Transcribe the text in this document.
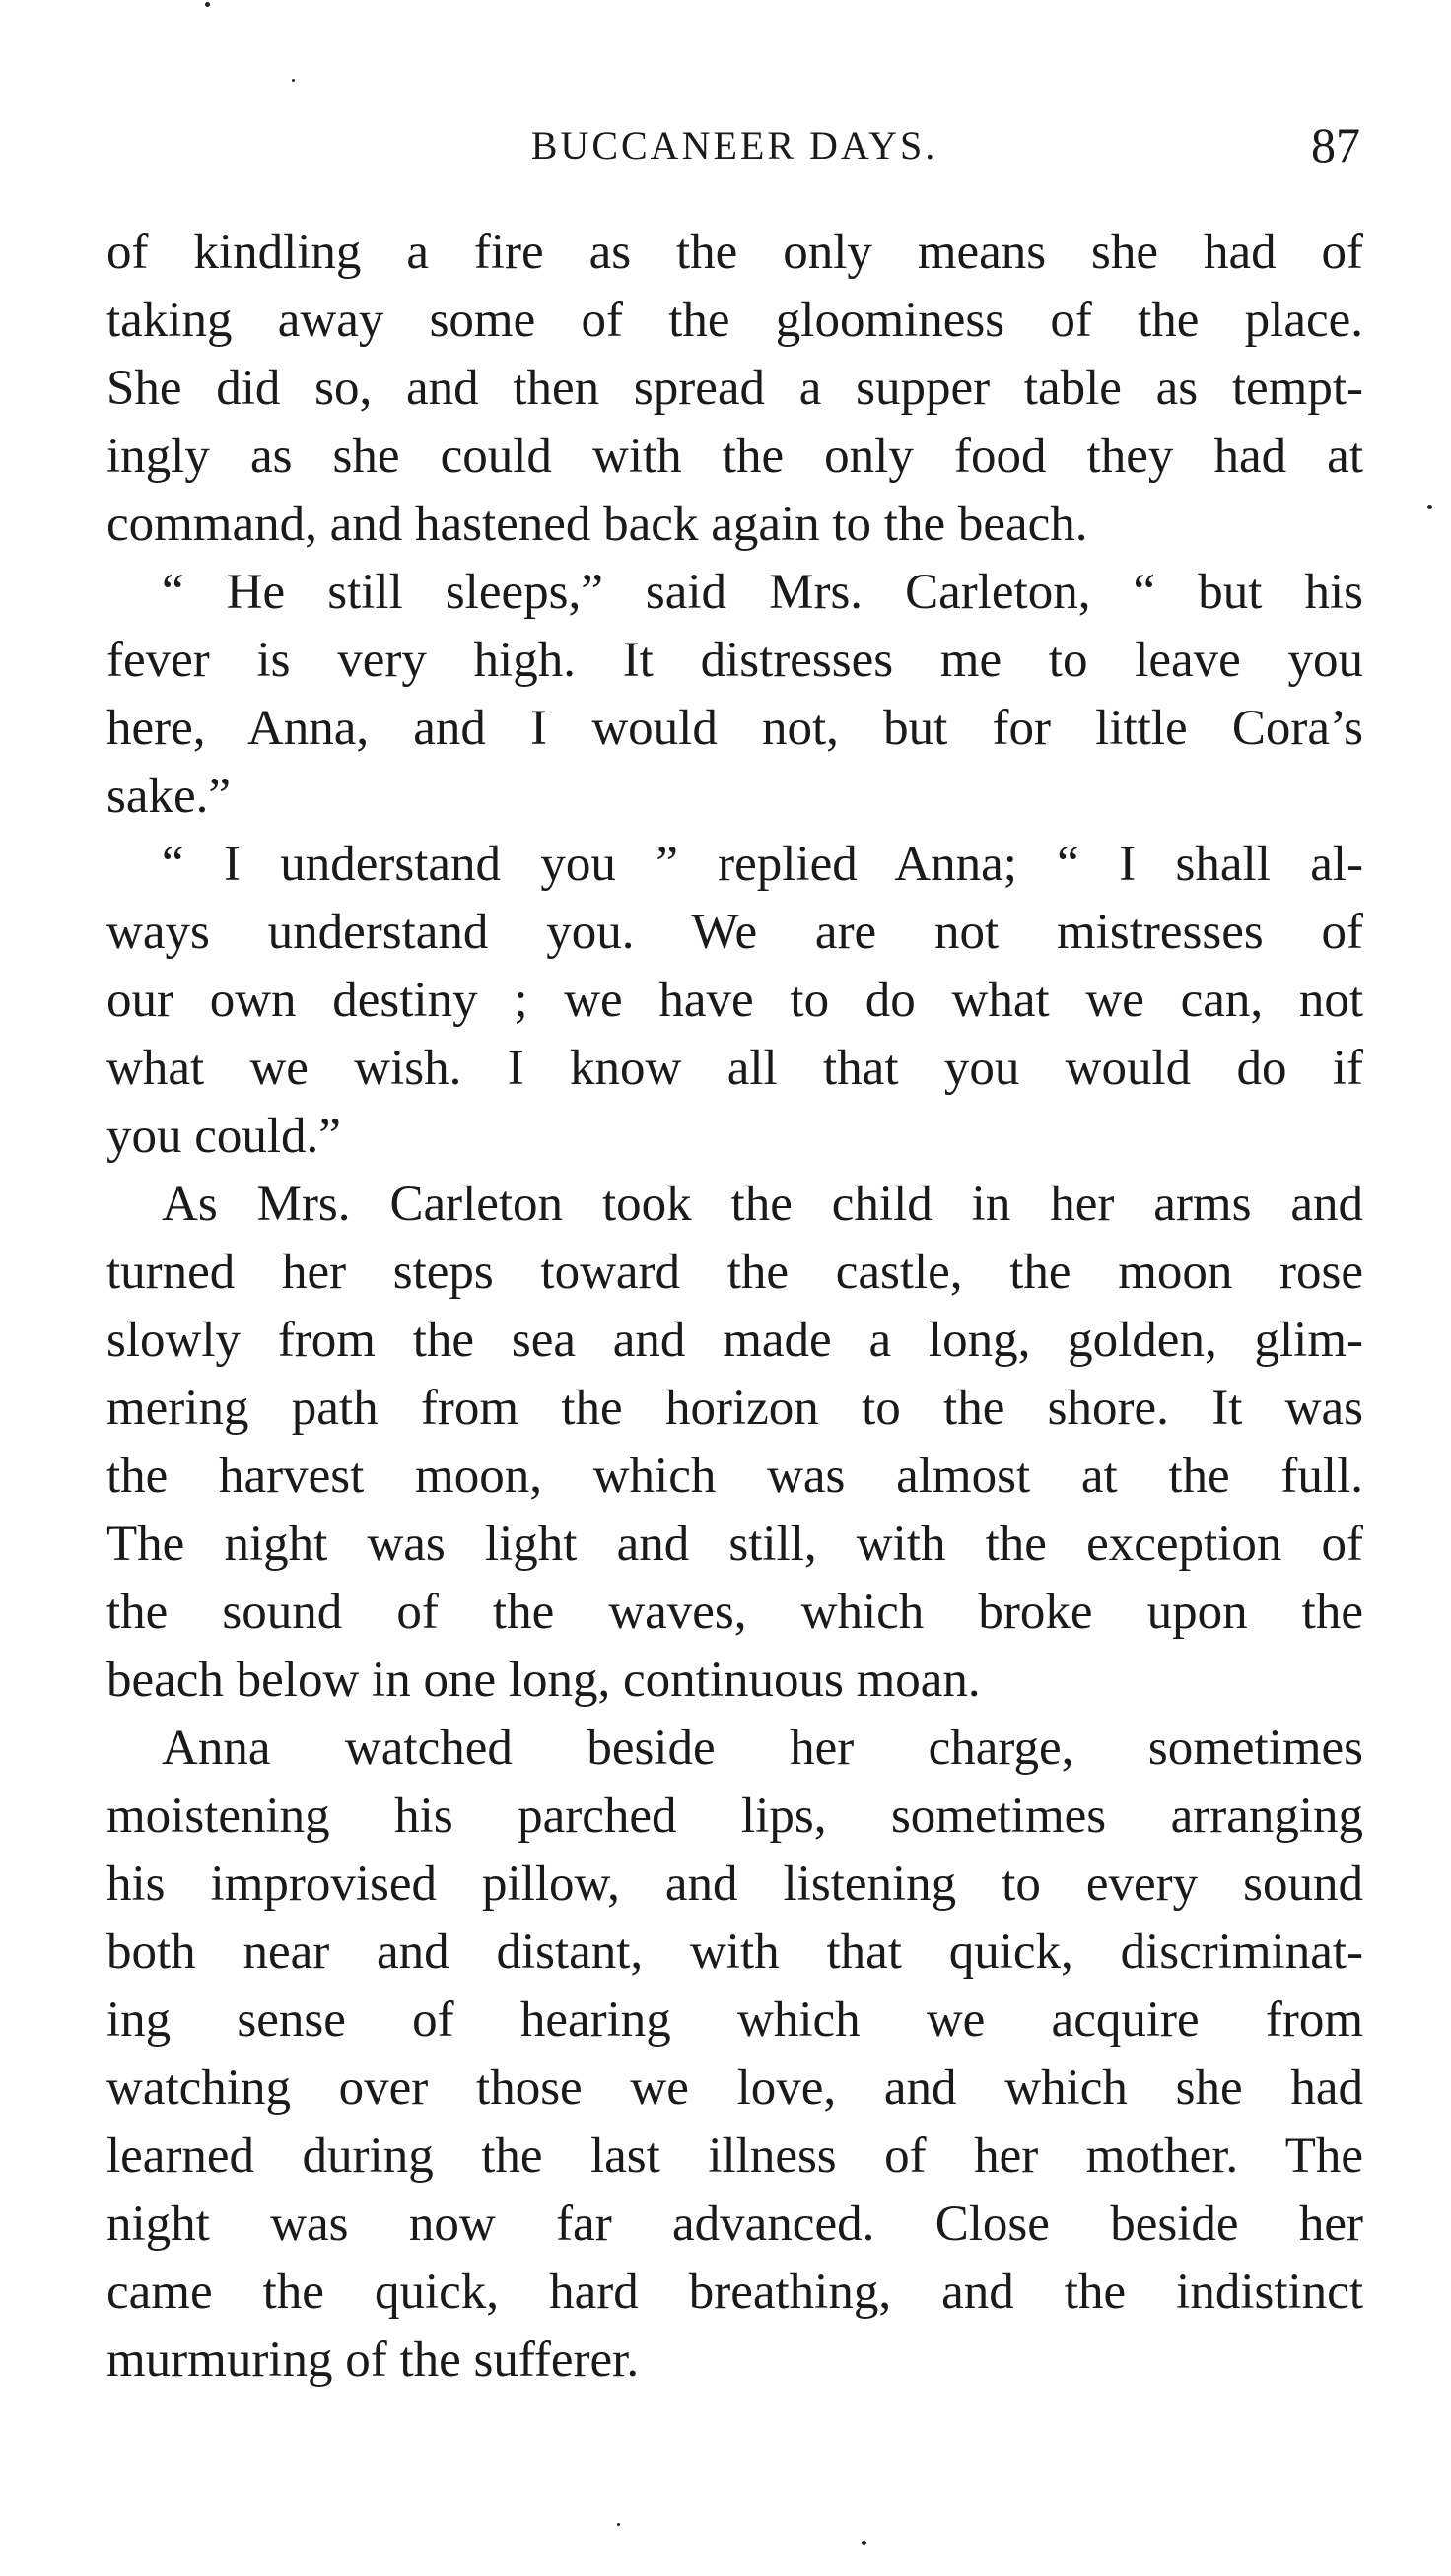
BUCCANEER DAYS.	87
of kindling a fire as the only means she had of
taking away some of the gloominess of the place.
She did so, and then spread a supper table as tempt-
ingly as she could with the only food they had at
command, and hastened back again to the beach.
“ He still sleeps,” said Mrs. Carleton, “ but his
fever is very high. It distresses me to leave you
here, Anna, and I would not, but for little Cora’s
sake.”
“ I understand you ” replied Anna; “ I shall al-
ways understand you. We are not mistresses of
our own destiny ; we have to do what we can, not
what we wish. I know all that you would do if
you could.”
As Mrs. Carleton took the child in her arms and
turned her steps toward the castle, the moon rose
slowly from the sea and made a long, golden, glim-
mering path from the horizon to the shore. It was
the harvest moon, which was almost at the full.
The night was light and still, with the exception of
the sound of the waves, which broke upon the
beach below in one long, continuous moan.
Anna watched beside her charge, sometimes
moistening his parched lips, sometimes arranging
his improvised pillow, and listening to every sound
both near and distant, with that quick, discriminat-
ing sense of hearing which we acquire from
watching over those we love, and which she had
learned during the last illness of her mother. The
night was now far advanced. Close beside her
came the quick, hard breathing, and the indistinct
murmuring of the sufferer.
